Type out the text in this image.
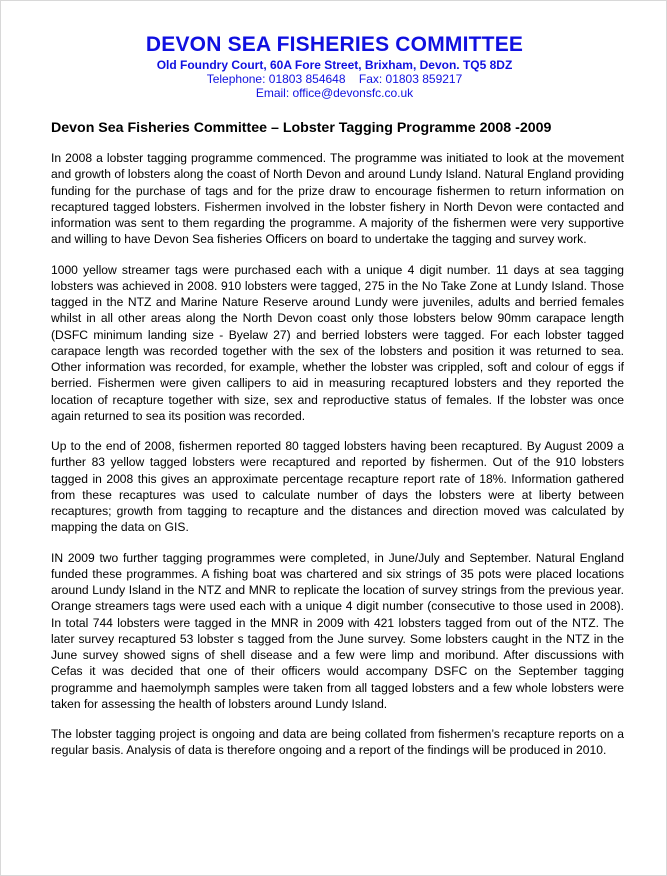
DEVON SEA FISHERIES COMMITTEE
Old Foundry Court, 60A Fore Street, Brixham, Devon. TQ5 8DZ
Telephone: 01803 854648 Fax: 01803 859217
Email: office@devonsfc.co.uk
Devon Sea Fisheries Committee – Lobster Tagging Programme 2008 -2009

In 2008 a lobster tagging programme commenced. The programme was initiated to look at the movement and growth of lobsters along the coast of North Devon and around Lundy Island. Natural England providing funding for the purchase of tags and for the prize draw to encourage fishermen to return information on recaptured tagged lobsters. Fishermen involved in the lobster fishery in North Devon were contacted and information was sent to them regarding the programme. A majority of the fishermen were very supportive and willing to have Devon Sea fisheries Officers on board to undertake the tagging and survey work.

1000 yellow streamer tags were purchased each with a unique 4 digit number. 11 days at sea tagging lobsters was achieved in 2008. 910 lobsters were tagged, 275 in the No Take Zone at Lundy Island. Those tagged in the NTZ and Marine Nature Reserve around Lundy were juveniles, adults and berried females whilst in all other areas along the North Devon coast only those lobsters below 90mm carapace length (DSFC minimum landing size - Byelaw 27) and berried lobsters were tagged. For each lobster tagged carapace length was recorded together with the sex of the lobsters and position it was returned to sea. Other information was recorded, for example, whether the lobster was crippled, soft and colour of eggs if berried. Fishermen were given callipers to aid in measuring recaptured lobsters and they reported the location of recapture together with size, sex and reproductive status of females. If the lobster was once again returned to sea its position was recorded.

Up to the end of 2008, fishermen reported 80 tagged lobsters having been recaptured. By August 2009 a further 83 yellow tagged lobsters were recaptured and reported by fishermen. Out of the 910 lobsters tagged in 2008 this gives an approximate percentage recapture report rate of 18%. Information gathered from these recaptures was used to calculate number of days the lobsters were at liberty between recaptures; growth from tagging to recapture and the distances and direction moved was calculated by mapping the data on GIS.

IN 2009 two further tagging programmes were completed, in June/July and September. Natural England funded these programmes. A fishing boat was chartered and six strings of 35 pots were placed locations around Lundy Island in the NTZ and MNR to replicate the location of survey strings from the previous year. Orange streamers tags were used each with a unique 4 digit number (consecutive to those used in 2008). In total 744 lobsters were tagged in the MNR in 2009 with 421 lobsters tagged from out of the NTZ. The later survey recaptured 53 lobster s tagged from the June survey. Some lobsters caught in the NTZ in the June survey showed signs of shell disease and a few were limp and moribund. After discussions with Cefas it was decided that one of their officers would accompany DSFC on the September tagging programme and haemolymph samples were taken from all tagged lobsters and a few whole lobsters were taken for assessing the health of lobsters around Lundy Island.

The lobster tagging project is ongoing and data are being collated from fishermen’s recapture reports on a regular basis. Analysis of data is therefore ongoing and a report of the findings will be produced in 2010.
